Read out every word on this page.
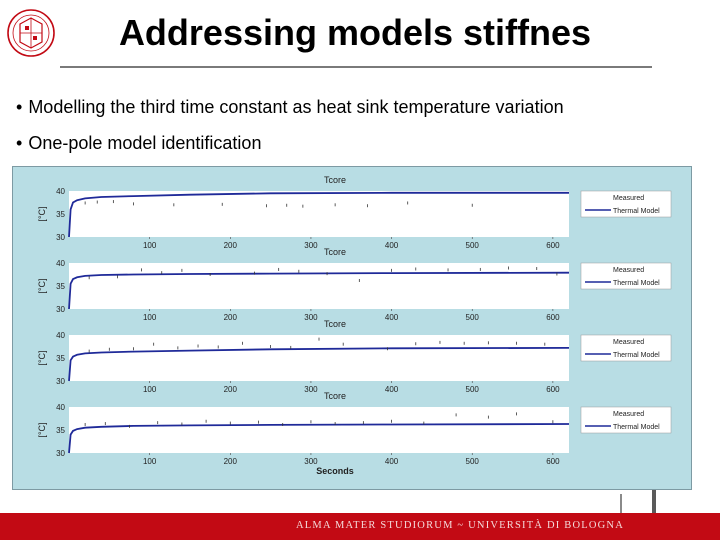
Addressing models stiffnes
• Modelling the third time constant as heat sink temperature variation
• One-pole model identification
Tcore
[°C]
30
35
40
100	200	300	400	500	600
Measured
Thermal Model
Tcore
[°C]
30
35
40
100	200	300	400	500	600
Measured
Thermal Model
Tcore
[°C]
30
35
40
100	200	300	400	500	600
Measured
Thermal Model
Tcore
[°C]
30
35
40
100	200	300	400	500	600
Seconds
Measured
Thermal Model
ALMA MATER STUDIORUM ~ UNIVERSITÀ DI BOLOGNA
